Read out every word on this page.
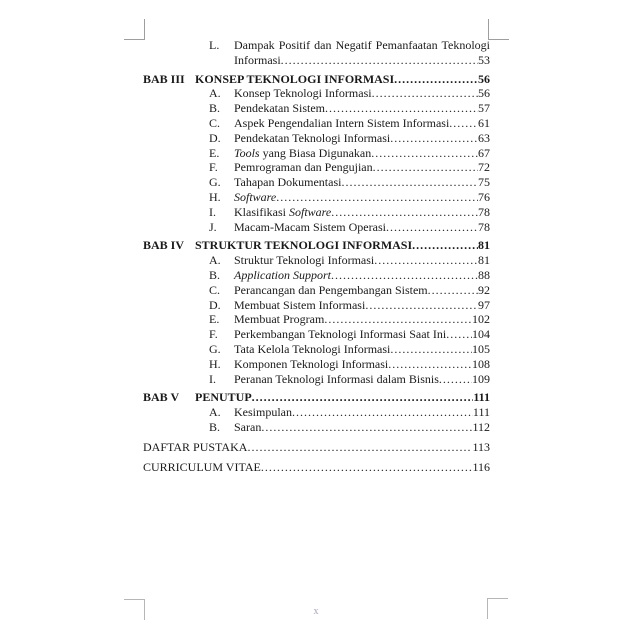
L.	Dampak Positif dan Negatif Pemanfaatan Teknologi
Informasi .....	53
BAB III KONSEP TEKNOLOGI INFORMASI .....	56
A.	Konsep Teknologi Informasi .....	56
B.	Pendekatan Sistem .....	57
C.	Aspek Pengendalian Intern Sistem Informasi ..... 61
D.	Pendekatan Teknologi Informasi .....	63
E.	Tools yang Biasa Digunakan .....	67
F.	Pemrograman dan Pengujian .....	72
G.	Tahapan Dokumentasi .....	75
H.	Software .....	76
I.	Klasifikasi Software .....	78
J.	Macam-Macam Sistem Operasi .....	78
BAB IV STRUKTUR TEKNOLOGI INFORMASI .....	81
A.	Struktur Teknologi Informasi .....	81
B.	Application Support .....	88
C.	Perancangan dan Pengembangan Sistem .....	92
D.	Membuat Sistem Informasi .....	97
E.	Membuat Program .....	102
F.	Perkembangan Teknologi Informasi Saat Ini ..... 104
G.	Tata Kelola Teknologi Informasi .....	105
H.	Komponen Teknologi Informasi .....	108
I.	Peranan Teknologi Informasi dalam Bisnis .....	109
BAB V	PENUTUP .....	111
A.	Kesimpulan .....	111
B.	Saran .....	112
DAFTAR PUSTAKA .....	113
CURRICULUM VITAE .....	116
x
